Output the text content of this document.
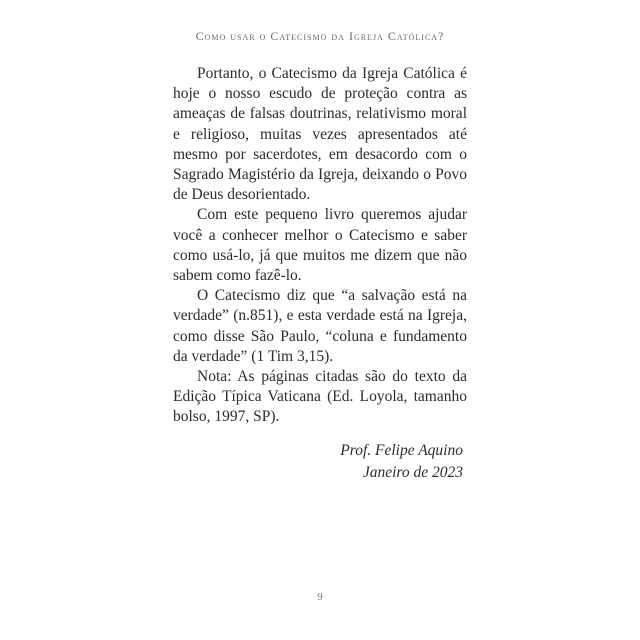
Como usar o Catecismo da Igreja Católica?

Portanto, o Catecismo da Igreja Católica é hoje o nosso escudo de proteção contra as ameaças de falsas doutrinas, relativismo moral e religioso, muitas vezes apresentados até mesmo por sacerdotes, em desacordo com o Sagrado Magistério da Igreja, deixando o Povo de Deus desorientado.

Com este pequeno livro queremos ajudar você a conhecer melhor o Catecismo e saber como usá-lo, já que muitos me dizem que não sabem como fazê-lo.

O Catecismo diz que “a salvação está na verdade” (n.851), e esta verdade está na Igreja, como disse São Paulo, “coluna e fundamento da verdade” (1 Tim 3,15).

Nota: As páginas citadas são do texto da Edição Típica Vaticana (Ed. Loyola, tamanho bolso, 1997, SP).

Prof. Felipe Aquino
Janeiro de 2023
9
